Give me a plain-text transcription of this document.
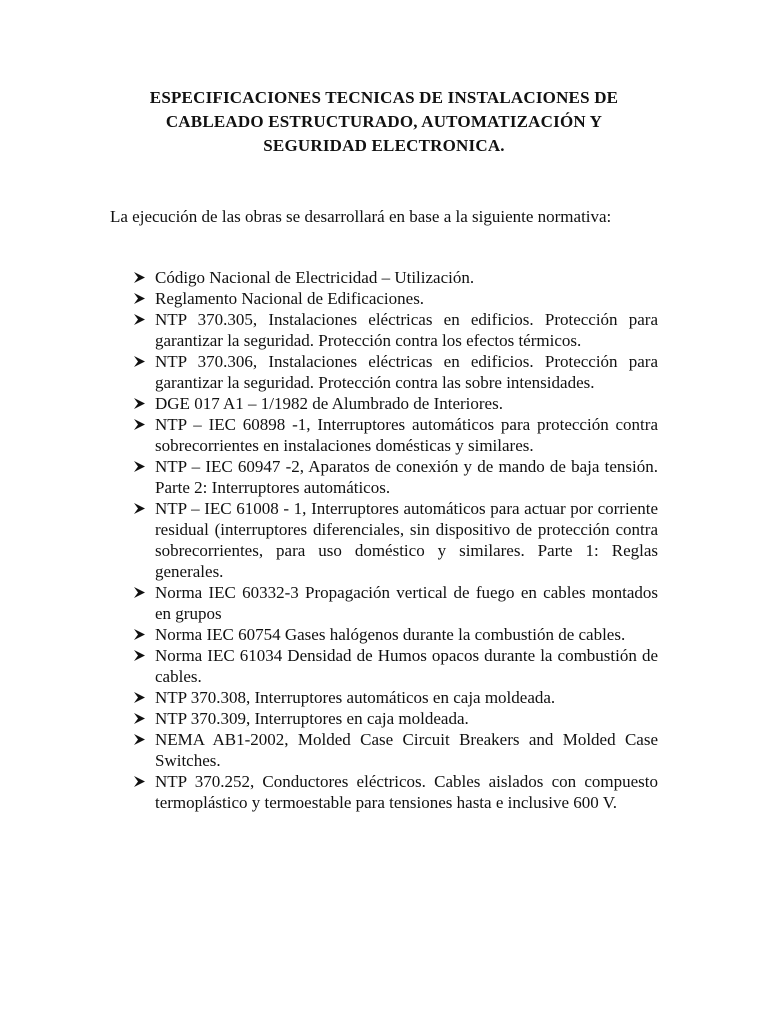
ESPECIFICACIONES TECNICAS DE INSTALACIONES DE
CABLEADO ESTRUCTURADO, AUTOMATIZACIÓN Y
SEGURIDAD ELECTRONICA.

La ejecución de las obras se desarrollará en base a la siguiente normativa:

Código Nacional de Electricidad – Utilización.
Reglamento Nacional de Edificaciones.
NTP 370.305, Instalaciones eléctricas en edificios. Protección para garantizar la seguridad. Protección contra los efectos térmicos.
NTP 370.306, Instalaciones eléctricas en edificios. Protección para garantizar la seguridad. Protección contra las sobre intensidades.
DGE 017 A1 – 1/1982 de Alumbrado de Interiores.
NTP – IEC 60898 -1, Interruptores automáticos para protección contra sobrecorrientes en instalaciones domésticas y similares.
NTP – IEC 60947 -2, Aparatos de conexión y de mando de baja tensión. Parte 2: Interruptores automáticos.
NTP – IEC 61008 - 1, Interruptores automáticos para actuar por corriente residual (interruptores diferenciales, sin dispositivo de protección contra sobrecorrientes, para uso doméstico y similares. Parte 1: Reglas generales.
Norma IEC 60332-3 Propagación vertical de fuego en cables montados en grupos
Norma IEC 60754 Gases halógenos durante la combustión de cables.
Norma IEC 61034 Densidad de Humos opacos durante la combustión de cables.
NTP 370.308, Interruptores automáticos en caja moldeada.
NTP 370.309, Interruptores en caja moldeada.
NEMA AB1-2002, Molded Case Circuit Breakers and Molded Case Switches.
NTP 370.252, Conductores eléctricos. Cables aislados con compuesto termoplástico y termoestable para tensiones hasta e inclusive 600 V.
